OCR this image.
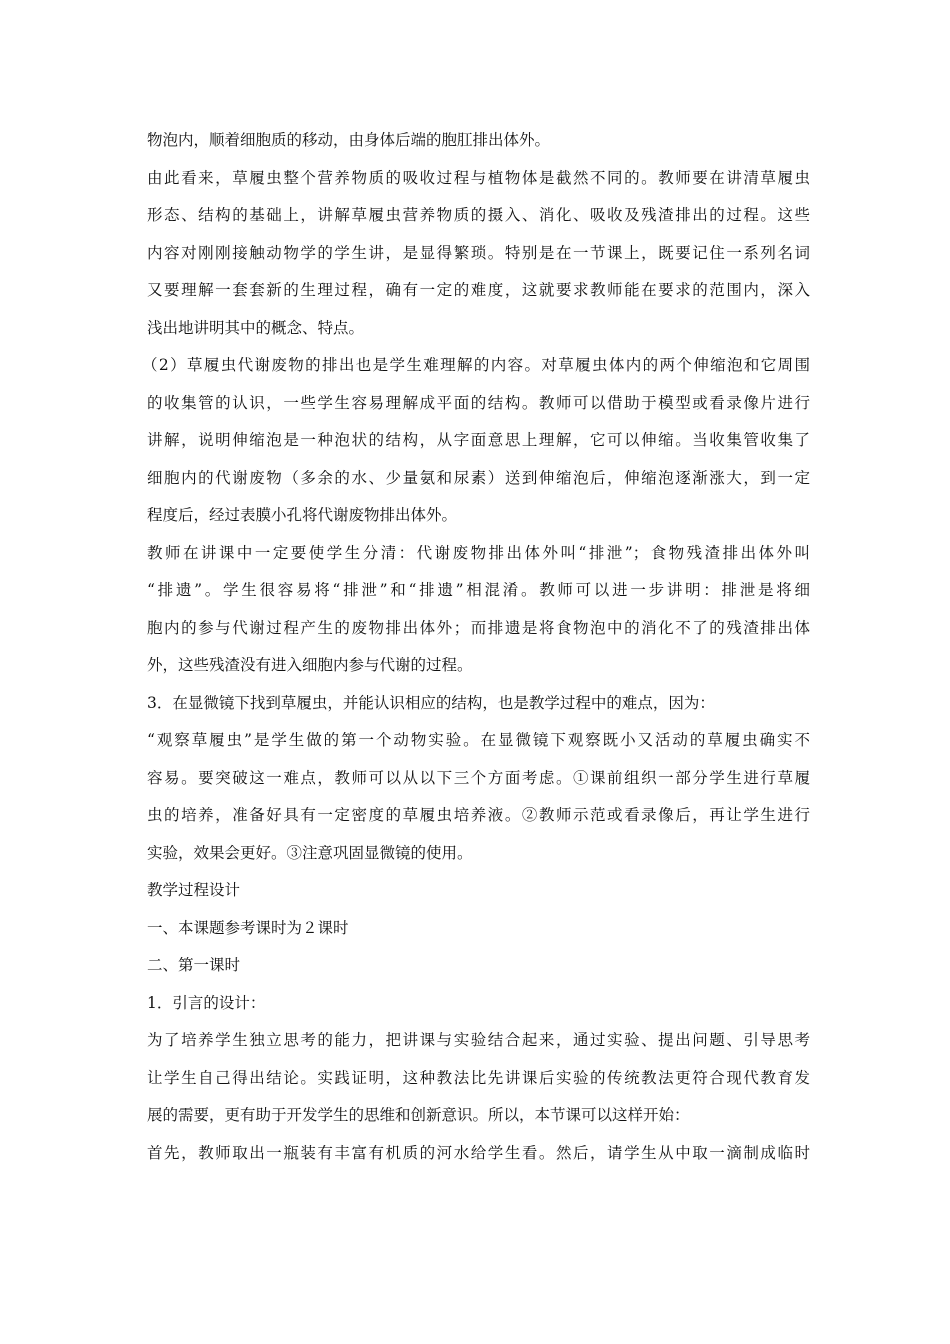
物泡内，顺着细胞质的移动，由身体后端的胞肛排出体外。
由此看来，草履虫整个营养物质的吸收过程与植物体是截然不同的。教师要在讲清草履虫
形态、结构的基础上，讲解草履虫营养物质的摄入、消化、吸收及残渣排出的过程。这些
内容对刚刚接触动物学的学生讲，是显得繁琐。特别是在一节课上，既要记住一系列名词
又要理解一套套新的生理过程，确有一定的难度，这就要求教师能在要求的范围内，深入
浅出地讲明其中的概念、特点。
（2）草履虫代谢废物的排出也是学生难理解的内容。对草履虫体内的两个伸缩泡和它周围
的收集管的认识，一些学生容易理解成平面的结构。教师可以借助于模型或看录像片进行
讲解，说明伸缩泡是一种泡状的结构，从字面意思上理解，它可以伸缩。当收集管收集了
细胞内的代谢废物（多余的水、少量氨和尿素）送到伸缩泡后，伸缩泡逐渐涨大，到一定
程度后，经过表膜小孔将代谢废物排出体外。
教师在讲课中一定要使学生分清：代谢废物排出体外叫“排泄”；食物残渣排出体外叫
“排遗”。学生很容易将“排泄”和“排遗”相混淆。教师可以进一步讲明：排泄是将细
胞内的参与代谢过程产生的废物排出体外；而排遗是将食物泡中的消化不了的残渣排出体
外，这些残渣没有进入细胞内参与代谢的过程。
3．在显微镜下找到草履虫，并能认识相应的结构，也是教学过程中的难点，因为：
“观察草履虫”是学生做的第一个动物实验。在显微镜下观察既小又活动的草履虫确实不
容易。要突破这一难点，教师可以从以下三个方面考虑。①课前组织一部分学生进行草履
虫的培养，准备好具有一定密度的草履虫培养液。②教师示范或看录像后，再让学生进行
实验，效果会更好。③注意巩固显微镜的使用。
教学过程设计
一、本课题参考课时为２课时
二、第一课时
1．引言的设计：
为了培养学生独立思考的能力，把讲课与实验结合起来，通过实验、提出问题、引导思考
让学生自己得出结论。实践证明，这种教法比先讲课后实验的传统教法更符合现代教育发
展的需要，更有助于开发学生的思维和创新意识。所以，本节课可以这样开始：
首先，教师取出一瓶装有丰富有机质的河水给学生看。然后，请学生从中取一滴制成临时
